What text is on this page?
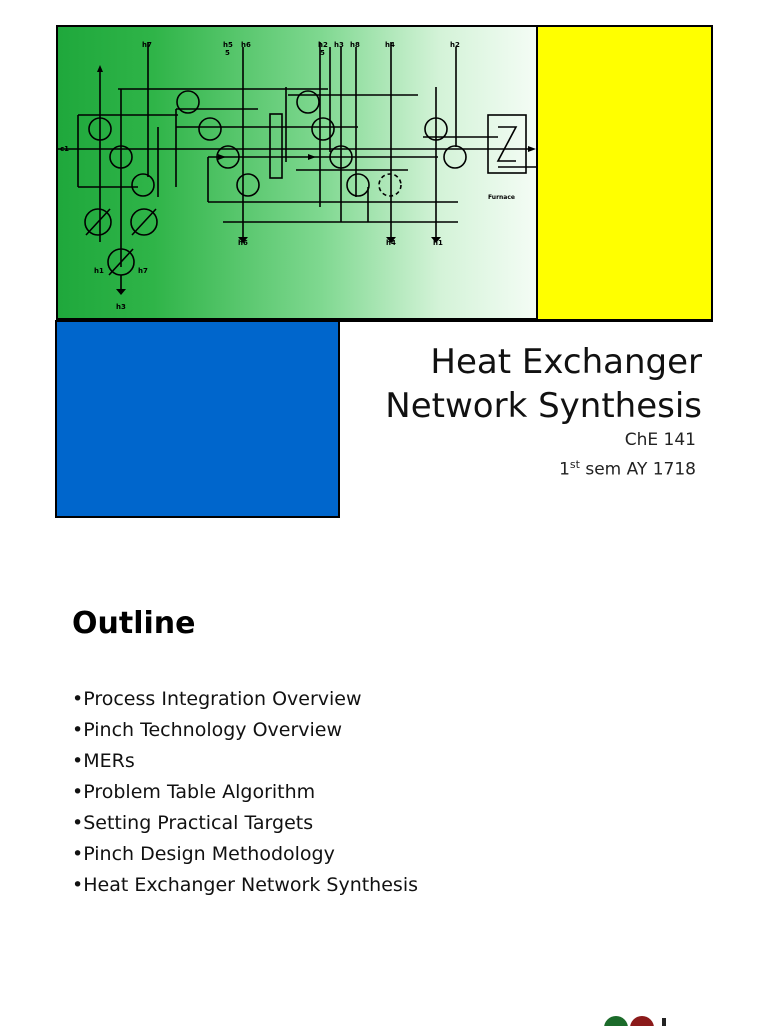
c1
h7	h5
5
h6	h2
5
h3 h8	h4	h2
h6	h4	h1
h1	h7
h3
Furnace
Heat Exchanger
Network Synthesis
ChE 141
1st sem AY 1718
Outline
• Process Integration Overview
• Pinch Technology Overview
• MERs
• Problem Table Algorithm
• Setting Practical Targets
• Pinch Design Methodology
• Heat Exchanger Network Synthesis
